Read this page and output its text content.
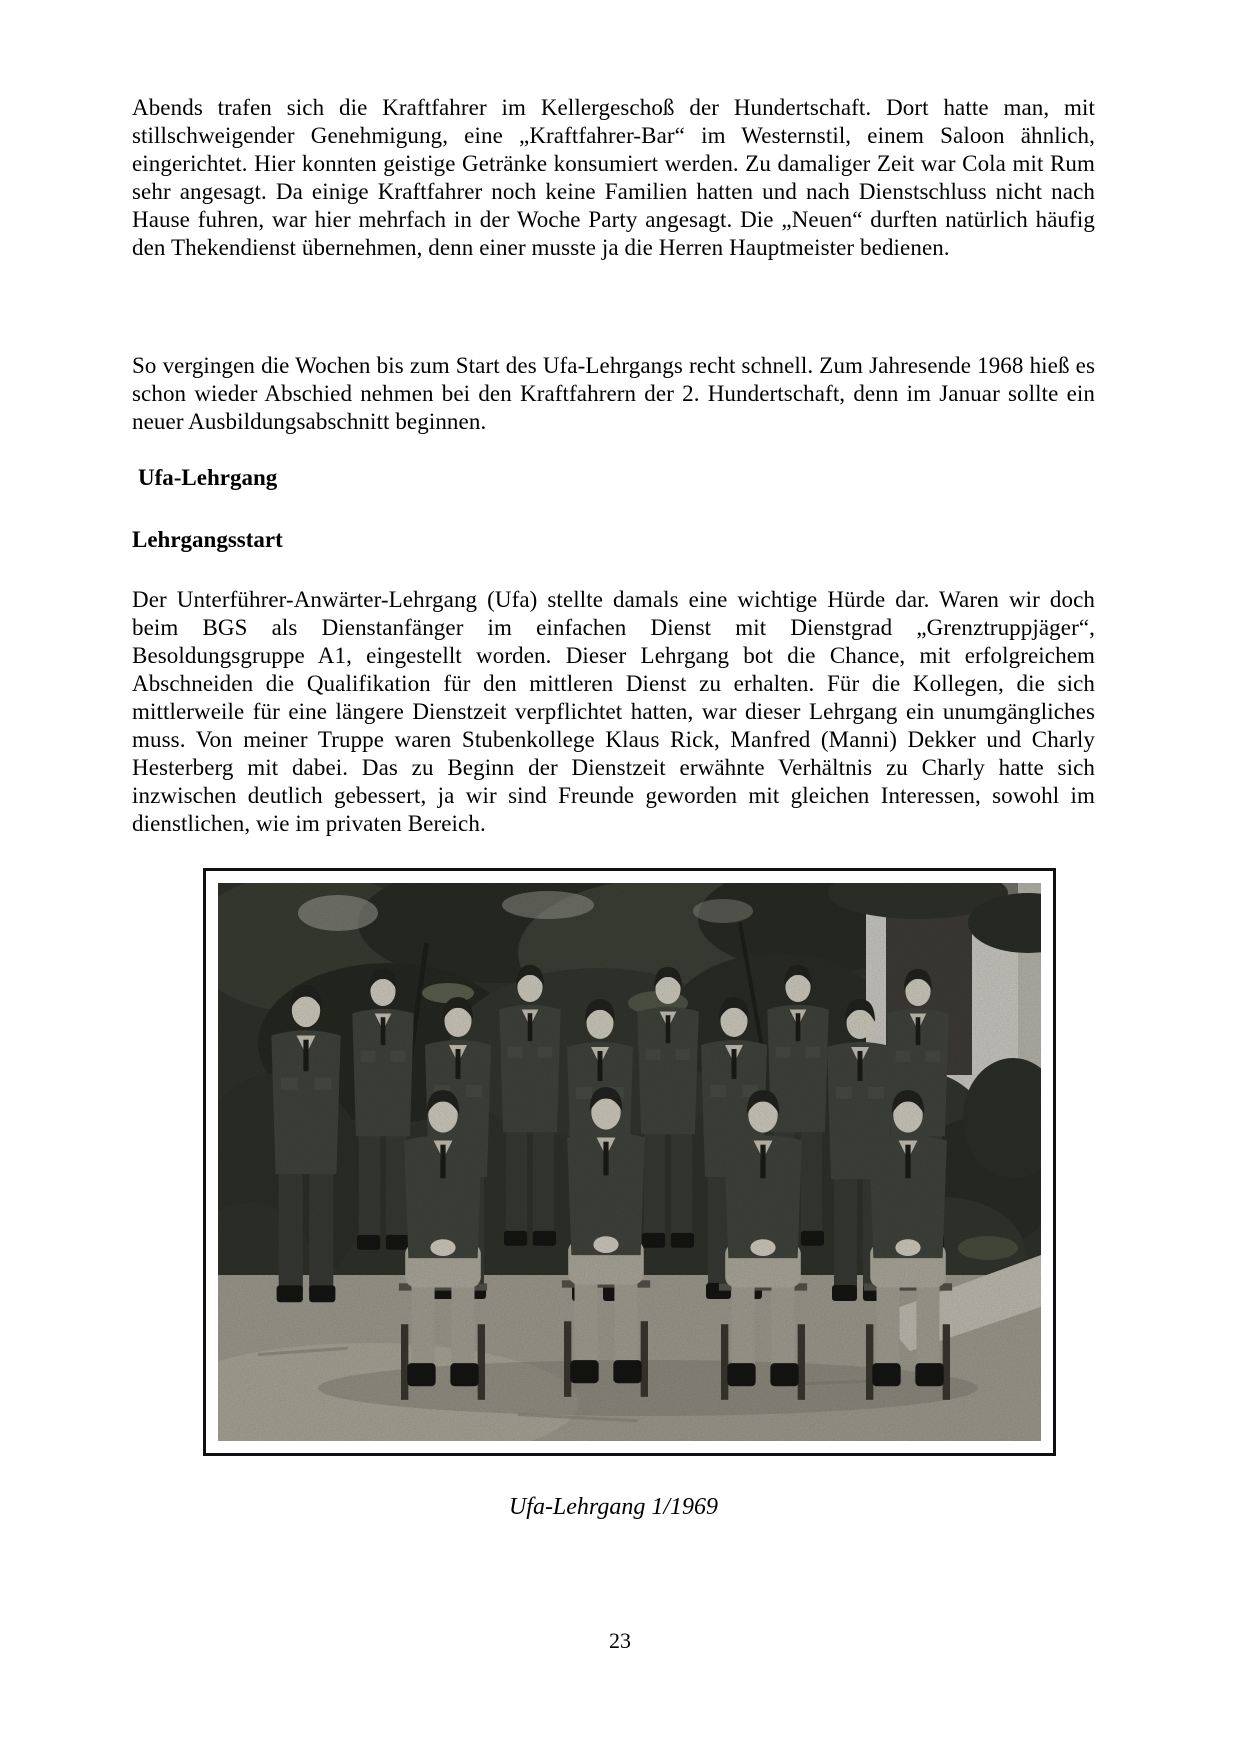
Abends trafen sich die Kraftfahrer im Kellergeschoß der Hundertschaft. Dort hatte man, mit stillschweigender Genehmigung, eine „Kraftfahrer-Bar“ im Westernstil, einem Saloon ähnlich, eingerichtet. Hier konnten geistige Getränke konsumiert werden. Zu damaliger Zeit war Cola mit Rum sehr angesagt. Da einige Kraftfahrer noch keine Familien hatten und nach Dienstschluss nicht nach Hause fuhren, war hier mehrfach in der Woche Party angesagt. Die „Neuen“ durften natürlich häufig den Thekendienst übernehmen, denn einer musste ja die Herren Hauptmeister bedienen.

So vergingen die Wochen bis zum Start des Ufa-Lehrgangs recht schnell. Zum Jahresende 1968 hieß es schon wieder Abschied nehmen bei den Kraftfahrern der 2. Hundertschaft, denn im Januar sollte ein neuer Ausbildungsabschnitt beginnen.

Ufa-Lehrgang
Lehrgangsstart

Der Unterführer-Anwärter-Lehrgang (Ufa) stellte damals eine wichtige Hürde dar. Waren wir doch beim BGS als Dienstanfänger im einfachen Dienst mit Dienstgrad „Grenztruppjäger“, Besoldungsgruppe A1, eingestellt worden. Dieser Lehrgang bot die Chance, mit erfolgreichem Abschneiden die Qualifikation für den mittleren Dienst zu erhalten. Für die Kollegen, die sich mittlerweile für eine längere Dienstzeit verpflichtet hatten, war dieser Lehrgang ein unumgängliches muss. Von meiner Truppe waren Stubenkollege Klaus Rick, Manfred (Manni) Dekker und Charly Hesterberg mit dabei. Das zu Beginn der Dienstzeit erwähnte Verhältnis zu Charly hatte sich inzwischen deutlich gebessert, ja wir sind Freunde geworden mit gleichen Interessen, sowohl im dienstlichen, wie im privaten Bereich.

Ufa-Lehrgang 1/1969
23
